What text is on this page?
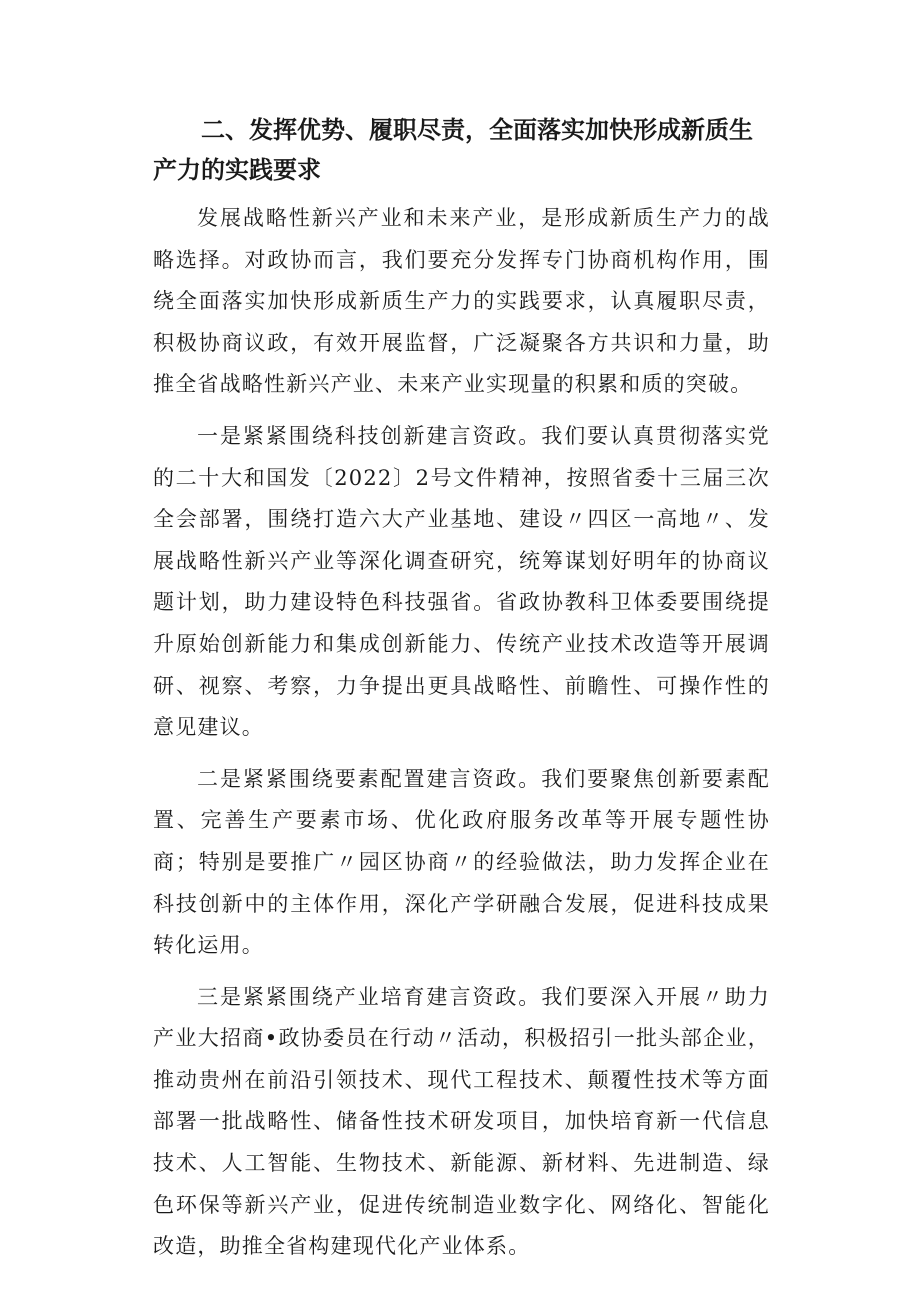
二、发挥优势、履职尽责，全面落实加快形成新质生产力的实践要求

发展战略性新兴产业和未来产业，是形成新质生产力的战略选择。对政协而言，我们要充分发挥专门协商机构作用，围绕全面落实加快形成新质生产力的实践要求，认真履职尽责，积极协商议政，有效开展监督，广泛凝聚各方共识和力量，助推全省战略性新兴产业、未来产业实现量的积累和质的突破。

一是紧紧围绕科技创新建言资政。我们要认真贯彻落实党的二十大和国发〔2022〕2号文件精神，按照省委十三届三次全会部署，围绕打造六大产业基地、建设〃四区一高地〃、发展战略性新兴产业等深化调查研究，统筹谋划好明年的协商议题计划，助力建设特色科技强省。省政协教科卫体委要围绕提升原始创新能力和集成创新能力、传统产业技术改造等开展调研、视察、考察，力争提出更具战略性、前瞻性、可操作性的意见建议。

二是紧紧围绕要素配置建言资政。我们要聚焦创新要素配置、完善生产要素市场、优化政府服务改革等开展专题性协商；特别是要推广〃园区协商〃的经验做法，助力发挥企业在科技创新中的主体作用，深化产学研融合发展，促进科技成果转化运用。

三是紧紧围绕产业培育建言资政。我们要深入开展〃助力产业大招商•政协委员在行动〃活动，积极招引一批头部企业，推动贵州在前沿引领技术、现代工程技术、颠覆性技术等方面部署一批战略性、储备性技术研发项目，加快培育新一代信息技术、人工智能、生物技术、新能源、新材料、先进制造、绿色环保等新兴产业，促进传统制造业数字化、网络化、智能化改造，助推全省构建现代化产业体系。
